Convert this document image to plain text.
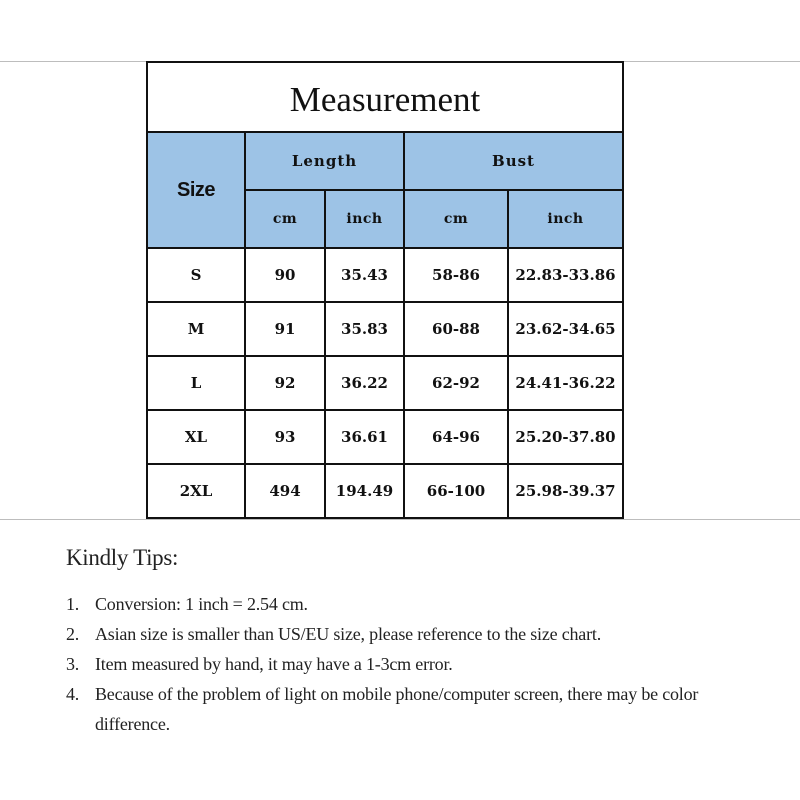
Measurement
Size	Length		Bust	
	cm	inch	cm	inch
S	90	35.43	58-86	22.83-33.86
M	91	35.83	60-88	23.62-34.65
L	92	36.22	62-92	24.41-36.22
XL	93	36.61	64-96	25.20-37.80
2XL	494	194.49	66-100	25.98-39.37
Kindly Tips:
1. Conversion: 1 inch = 2.54 cm.
2. Asian size is smaller than US/EU size, please reference to the size chart.
3. Item measured by hand, it may have a 1-3cm error.
4. Because of the problem of light on mobile phone/computer screen, there may be color difference.
